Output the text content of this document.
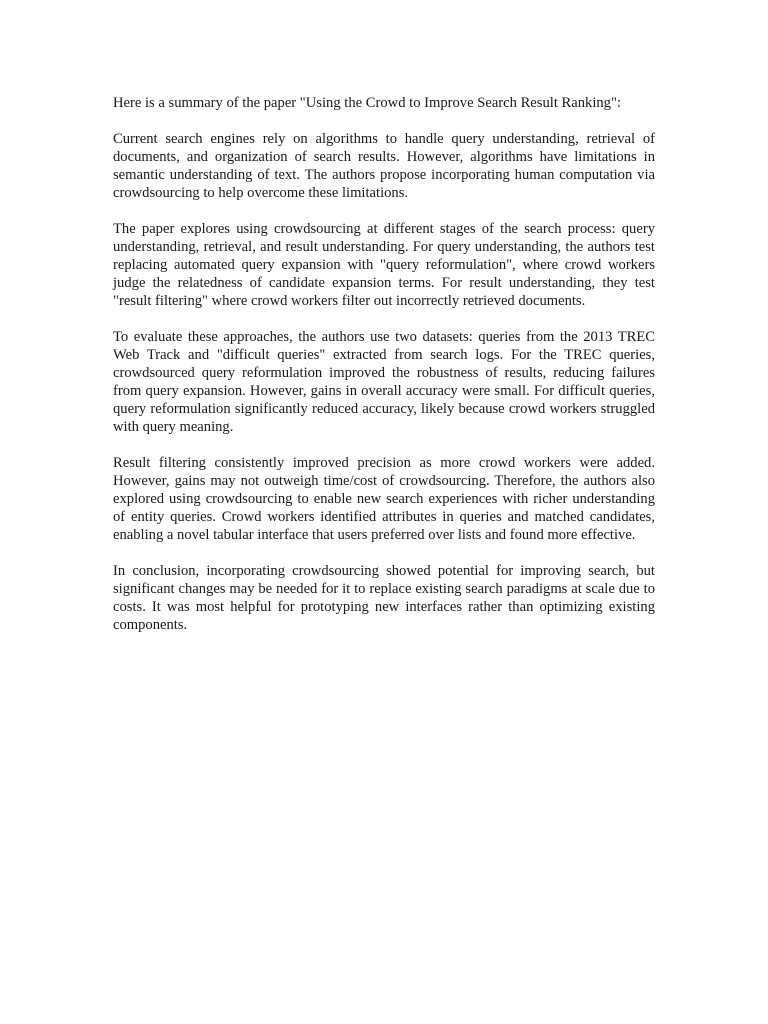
Here is a summary of the paper "Using the Crowd to Improve Search Result Ranking":

Current search engines rely on algorithms to handle query understanding, retrieval of documents, and organization of search results. However, algorithms have limitations in semantic understanding of text. The authors propose incorporating human computation via crowdsourcing to help overcome these limitations.

The paper explores using crowdsourcing at different stages of the search process: query understanding, retrieval, and result understanding. For query understanding, the authors test replacing automated query expansion with "query reformulation", where crowd workers judge the relatedness of candidate expansion terms. For result understanding, they test "result filtering" where crowd workers filter out incorrectly retrieved documents.

To evaluate these approaches, the authors use two datasets: queries from the 2013 TREC Web Track and "difficult queries" extracted from search logs. For the TREC queries, crowdsourced query reformulation improved the robustness of results, reducing failures from query expansion. However, gains in overall accuracy were small. For difficult queries, query reformulation significantly reduced accuracy, likely because crowd workers struggled with query meaning.

Result filtering consistently improved precision as more crowd workers were added. However, gains may not outweigh time/cost of crowdsourcing. Therefore, the authors also explored using crowdsourcing to enable new search experiences with richer understanding of entity queries. Crowd workers identified attributes in queries and matched candidates, enabling a novel tabular interface that users preferred over lists and found more effective.

In conclusion, incorporating crowdsourcing showed potential for improving search, but significant changes may be needed for it to replace existing search paradigms at scale due to costs. It was most helpful for prototyping new interfaces rather than optimizing existing components.
